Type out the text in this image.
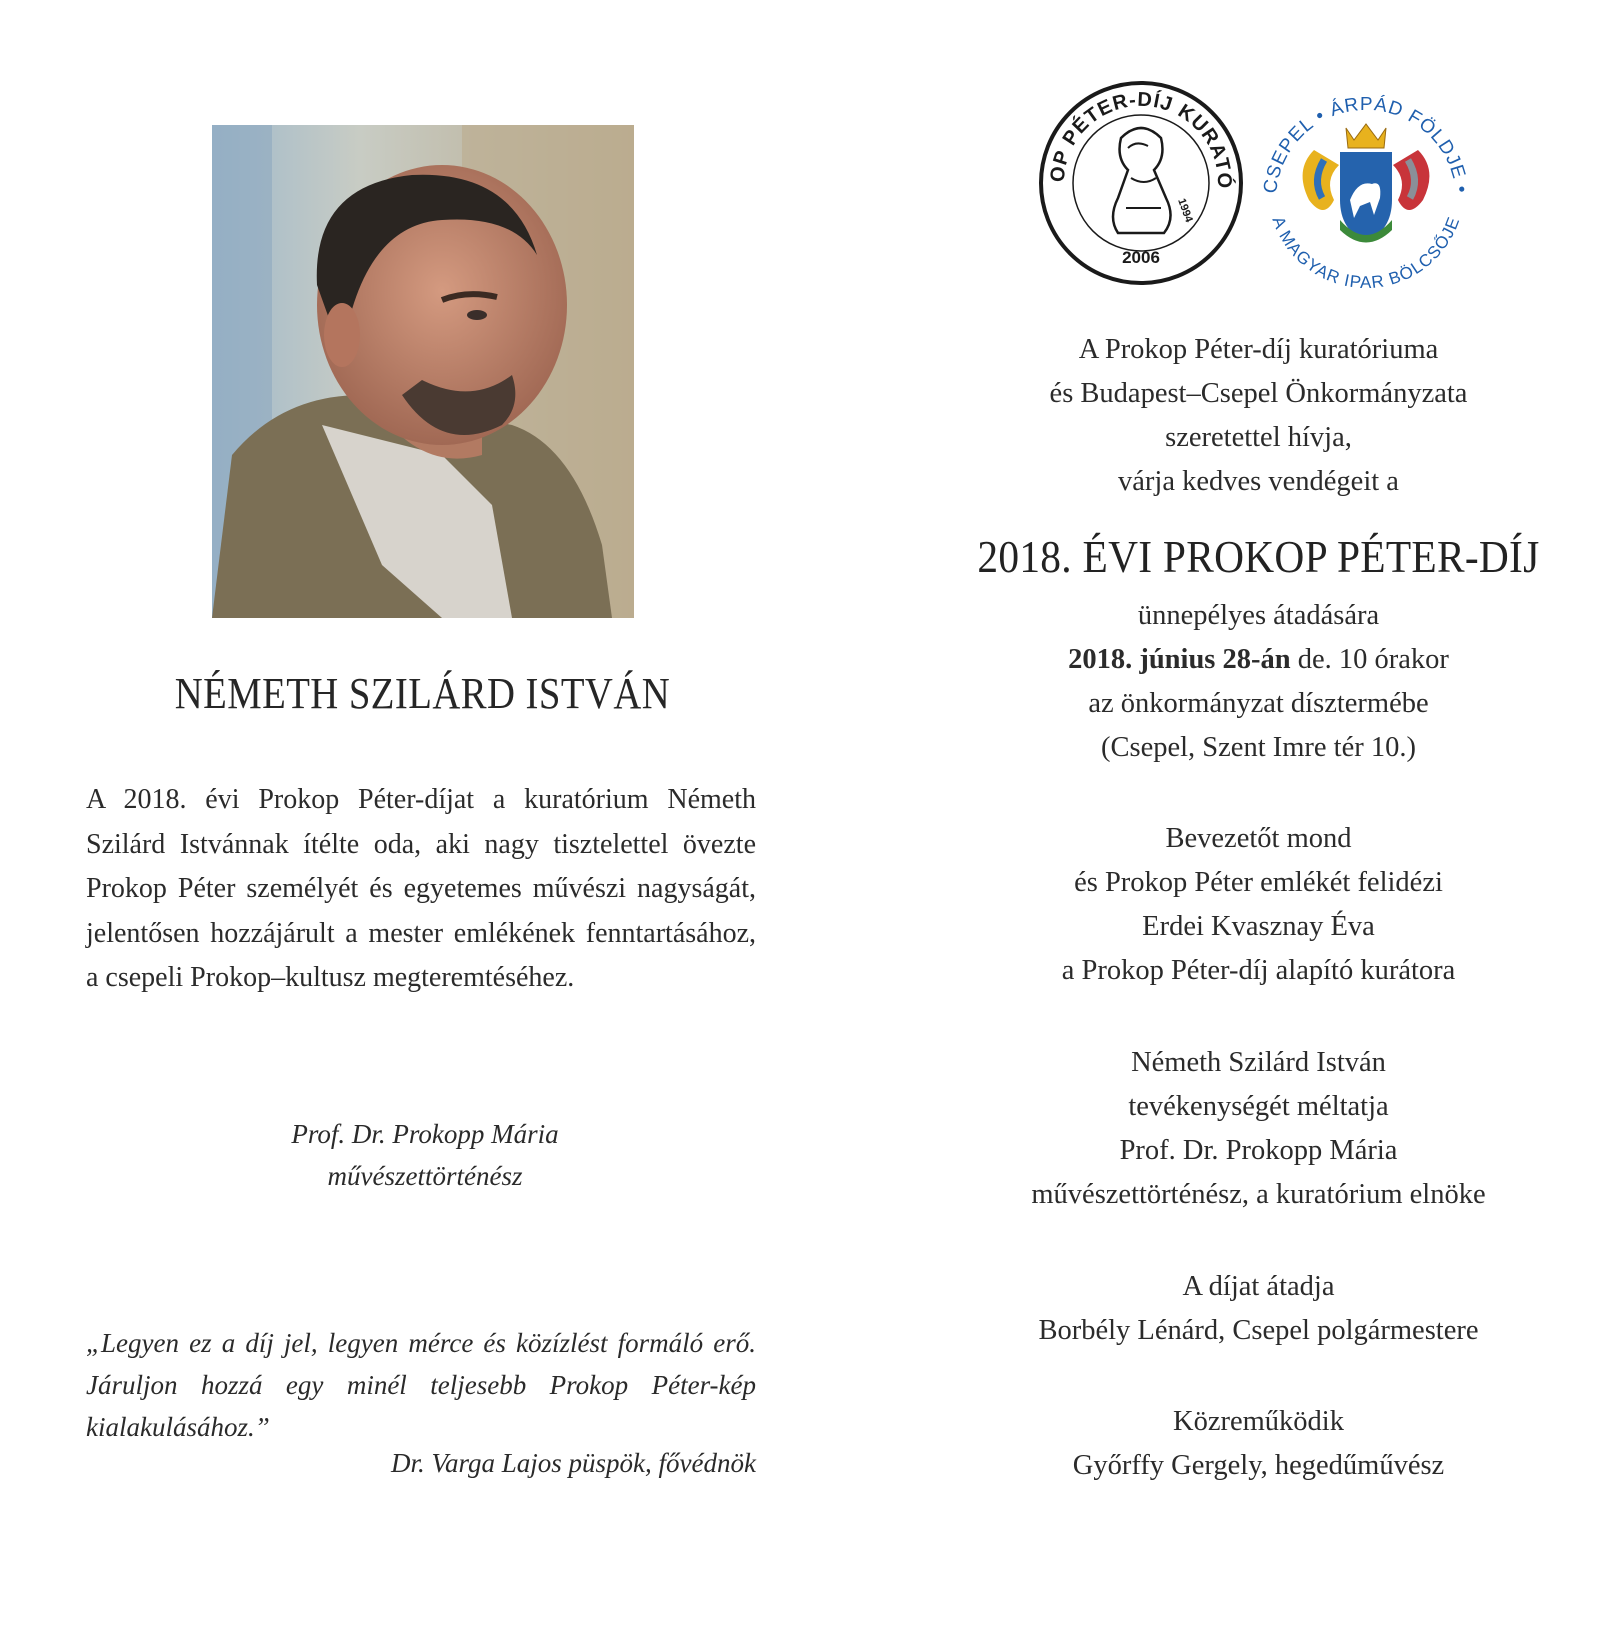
NÉMETH SZILÁRD ISTVÁN
A 2018. évi Prokop Péter-díjat a kuratórium Németh Szilárd Istvánnak ítélte oda, aki nagy tisztelettel övezte Prokop Péter személyét és egyetemes művészi nagyságát, jelentősen hozzájárult a mester emlékének fenntartásához, a csepeli Prokop–kultusz megteremtéséhez.
Prof. Dr. Prokopp Mária
művészettörténész
„Legyen ez a díj jel, legyen mérce és közízlést formáló erő. Járuljon hozzá egy minél teljesebb Prokop Péter-kép kialakulásához.”
Dr. Varga Lajos püspök, fővédnök
OP PÉTER-DÍJ KURATÓ
1994
2006
CSEPEL • ÁRPÁD FÖLDJE •
A MAGYAR IPAR BÖLCSŐJE
A Prokop Péter-díj kuratóriuma
és Budapest–Csepel Önkormányzata
szeretettel hívja,
várja kedves vendégeit a
2018. ÉVI PROKOP PÉTER-DÍJ
ünnepélyes átadására
2018. június 28-án de. 10 órakor
az önkormányzat dísztermébe
(Csepel, Szent Imre tér 10.)
Bevezetőt mond
és Prokop Péter emlékét felidézi
Erdei Kvasznay Éva
a Prokop Péter-díj alapító kurátora
Németh Szilárd István
tevékenységét méltatja
Prof. Dr. Prokopp Mária
művészettörténész, a kuratórium elnöke
A díjat átadja
Borbély Lénárd, Csepel polgármestere
Közreműködik
Győrffy Gergely, hegedűművész
